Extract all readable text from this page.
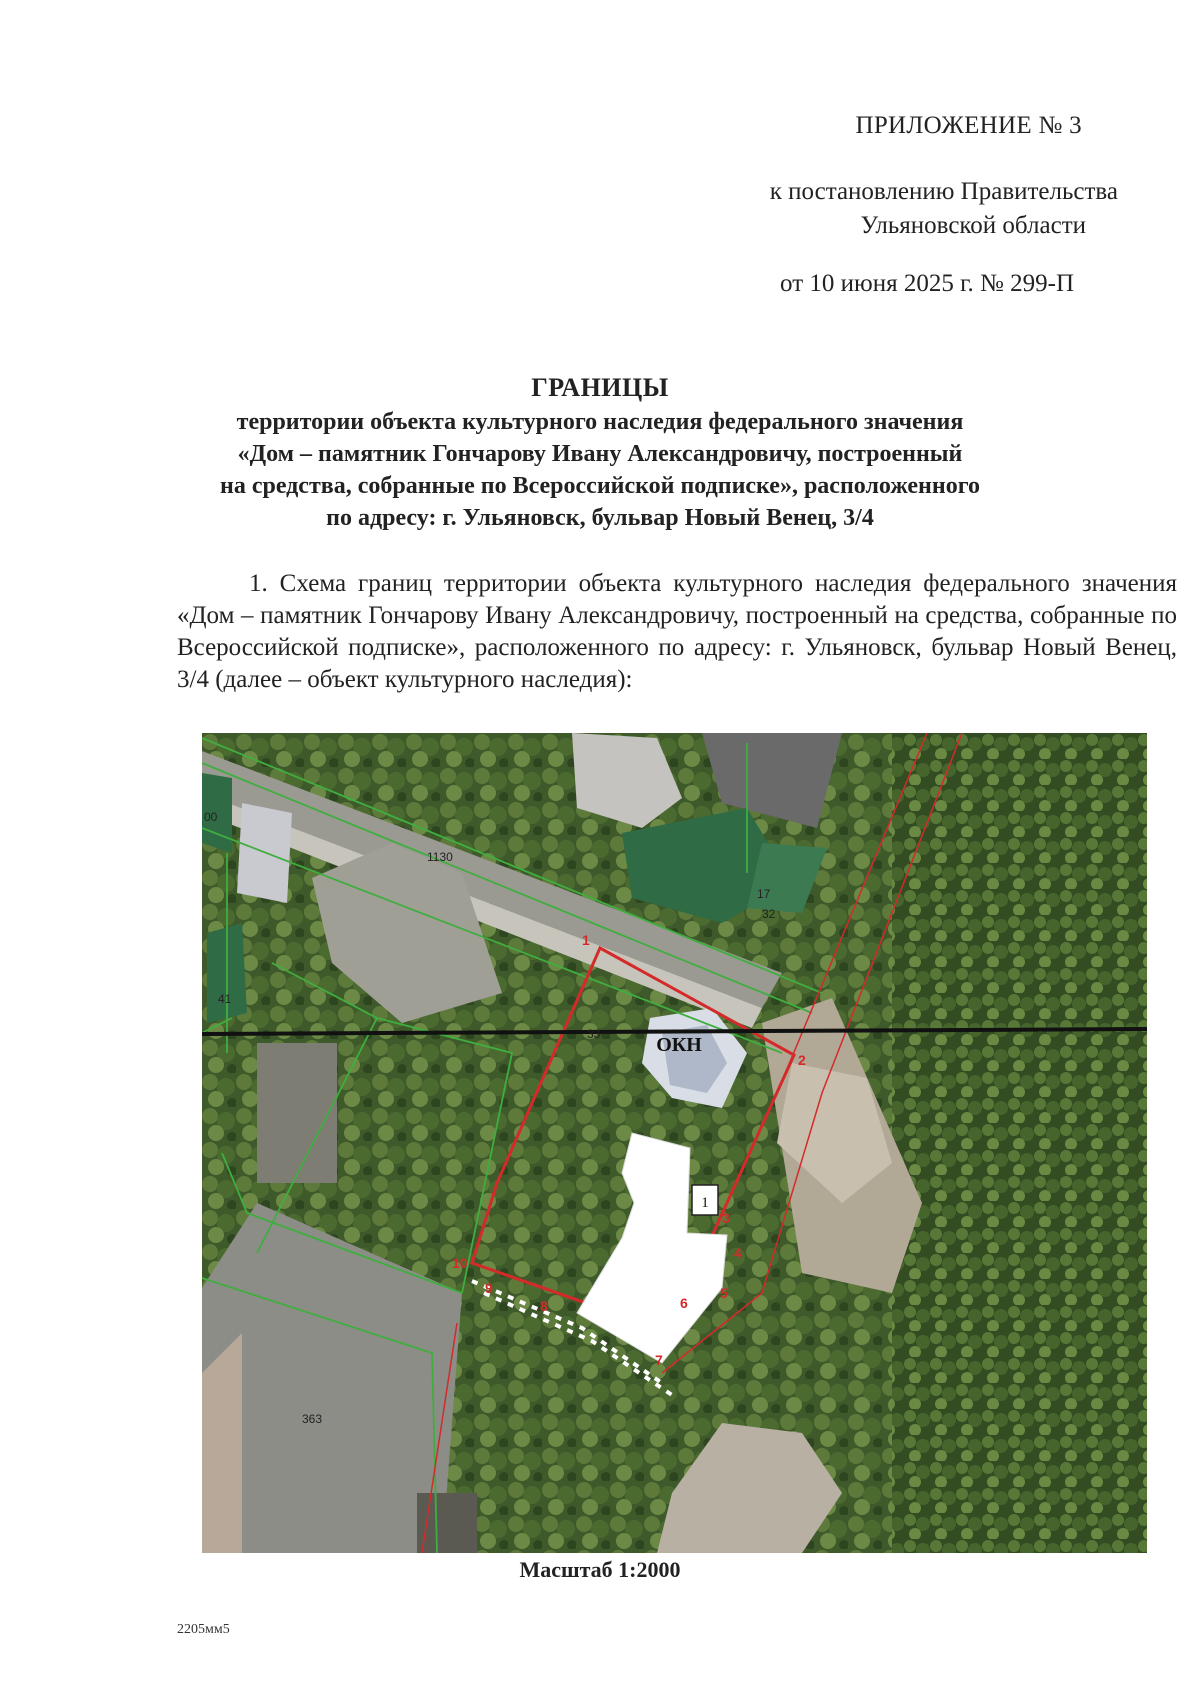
ПРИЛОЖЕНИЕ № 3
к постановлению Правительства
Ульяновской области
от 10 июня 2025 г. № 299-П
ГРАНИЦЫ
территории объекта культурного наследия федерального значения
«Дом – памятник Гончарову Ивану Александровичу, построенный
на средства, собранные по Всероссийской подписке», расположенного
по адресу: г. Ульяновск, бульвар Новый Венец, 3/4
1. Схема границ территории объекта культурного наследия федерального значения «Дом – памятник Гончарову Ивану Александровичу, построенный на средства, собранные по Всероссийской подписке», расположенного по адресу: г. Ульяновск, бульвар Новый Венец, 3/4 (далее – объект культурного наследия):
1
ОКН
1130
17
32
41
33
363
00
1
2
3
4
5
6
7
8
9
10
Масштаб 1:2000
2205мм5
